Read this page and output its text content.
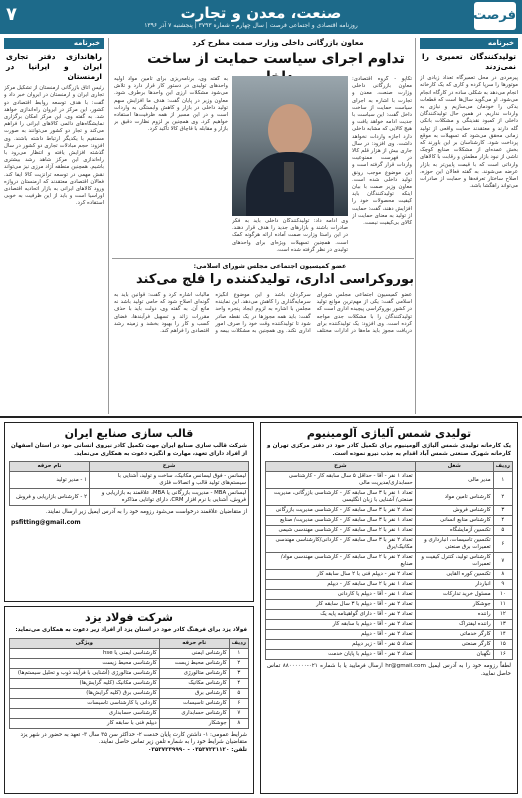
۷	صنعت، معدن و تجارت	فرصت
روزنامه اقتصادی و اجتماعی فرصت | سال چهارم - شماره ۳۷۹۳ | پنجشنبه ۷ آذر ۱۳۹۶
خبرنامه
تولیدکنندگان تعمیری را نمی‌زدند

پیرمردی در محل تعمیرگاه تعداد زیادی از موتورها را سرپا کرده و کاری که یک کارخانه انجام می‌دهد به شکلی ساده در کارگاه انجام می‌شود. او می‌گوید سال‌ها است که قطعات یدکی را خودمان می‌سازیم و نیازی به واردات نداریم. در همین حال تولیدکنندگان داخلی از کمبود نقدینگی و مشکلات بانکی گله دارند و معتقدند حمایت واقعی از تولید زمانی محقق می‌شود که تسهیلات به موقع پرداخت شود. کارشناسان بر این باورند که بخش عمده‌ای از مشکلات صنایع کوچک ناشی از نبود بازار مطمئن و رقابت با کالاهای وارداتی است که با قیمت پایین‌تر به بازار عرضه می‌شوند. به گفته فعالان این حوزه، اصلاح ساختار تعرفه‌ها و حمایت از صادرات می‌تواند راهگشا باشد.

خبرنامه
راهاندازی دفتر تجاری ایران و ایرانیا در ارمنستان

رئیس اتاق بازرگانی ارمنستان از تشکیل مرکز تجاری ایران و ارمنستان در ایروان خبر داد و گفت: با هدف توسعه روابط اقتصادی دو کشور، این مرکز در ایروان راه‌اندازی خواهد شد. به گفته وی، این مرکز امکان برگزاری نمایشگاه‌های دائمی کالاهای ایرانی را فراهم می‌کند و تجار دو کشور می‌توانند به صورت مستقیم با یکدیگر ارتباط داشته باشند. وی افزود: حجم مبادلات تجاری دو کشور در سال گذشته افزایش یافته و انتظار می‌رود با راه‌اندازی این مرکز شاهد رشد بیشتری باشیم. همچنین منطقه آزاد مرزی نیز می‌تواند نقش مهمی در توسعه ترانزیت کالا ایفا کند. فعالان اقتصادی معتقدند که ارمنستان دروازه ورود کالاهای ایرانی به بازار اتحادیه اقتصادی اوراسیا است و باید از این ظرفیت به خوبی استفاده کرد.

معاون بازرگانی داخلی وزارت صمت مطرح کرد
تداوم اجرای سیاست حمایت از ساخت

تکاپو - گروه اقتصادی: معاون بازرگانی داخلی وزارت صنعت، معدن و تجارت با اشاره به اجرای سیاست حمایت از ساخت داخل گفت: این سیاست با جدیت ادامه خواهد یافت و هیچ کالایی که مشابه داخلی دارد اجازه واردات نخواهد داشت. وی افزود: در سال جاری بیش از هزار قلم کالا در فهرست ممنوعیت واردات قرار گرفته است و این موضوع موجب رونق تولید داخلی شده است. معاون وزیر صمت با بیان اینکه تولیدکنندگان باید کیفیت محصولات خود را افزایش دهند، گفت: حمایت از تولید به معنای حمایت از کالای بی‌کیفیت نیست.

وی ادامه داد: تولیدکنندگان داخلی باید به فکر صادرات باشند و بازارهای جدید را هدف قرار دهند. در این راستا وزارت صمت آماده ارائه هرگونه کمک است. همچنین تسهیلات ویژه‌ای برای واحدهای تولیدی در نظر گرفته شده است.

به گفته وی، برنامه‌ریزی برای تأمین مواد اولیه واحدهای تولیدی در دستور کار قرار دارد و تلاش می‌شود مشکلات ارزی این واحدها برطرف شود. معاون وزیر در پایان گفت: هدف ما افزایش سهم تولید داخلی در بازار و کاهش وابستگی به واردات است و در این مسیر از همه ظرفیت‌ها استفاده خواهیم کرد. وی همچنین بر لزوم نظارت دقیق بر بازار و مقابله با قاچاق کالا تأکید کرد.

عضو کمیسیون اجتماعی مجلس شورای اسلامی:
بوروکراسی اداری، تولیدکننده را فلج می‌کند

عضو کمیسیون اجتماعی مجلس شورای اسلامی گفت: یکی از مهم‌ترین موانع تولید در کشور بوروکراسی پیچیده اداری است که تولیدکنندگان را با مشکلات جدی مواجه کرده است. وی افزود: یک تولیدکننده برای دریافت مجوز باید ماه‌ها در ادارات مختلف سرگردان باشد و این موضوع انگیزه سرمایه‌گذاری را کاهش می‌دهد. این نماینده مجلس با اشاره به لزوم ایجاد پنجره واحد گفت: باید همه مجوزها در یک نقطه صادر شود تا تولیدکننده وقت خود را صرف امور اداری نکند. وی همچنین به مشکلات بیمه و مالیات اشاره کرد و گفت: قوانین باید به گونه‌ای اصلاح شود که حامی تولید باشد نه مانع آن. به گفته وی، دولت باید با حذف مقررات زائد و تسهیل فرآیندها، فضای کسب و کار را بهبود بخشد و زمینه رشد اقتصادی را فراهم کند.

تولیدی شمس آلیاژی آلومینیوم
یک کارخانه تولیدی شمس آلیاژی آلومینیوم برای تکمیل کادر خود در دفتر مرکزی تهران و کارخانه شهرک صنعتی شمس آباد اقدام به جذب نیرو نموده است.
ردیف	شغل	شرح
۱	مدیر مالی	تعداد ۱ نفر - آقا - حداقل ۵ سال سابقه کار - کارشناسی حسابداری/مدیریت مالی
۲	کارشناس تامین مواد	تعداد ۱ نفر با ۳ سال سابقه کار - کارشناسی بازرگانی، مدیریت صنعتی/ آشنایی با زبان انگلیسی
۳	کارشناس فروش	تعداد ۲ نفر با ۳ سال سابقه کار - کارشناسی مدیریت بازرگانی
۴	کارشناس منابع انسانی	تعداد ۱ نفر با ۳ سال سابقه کار - کارشناسی مدیریت/ صنایع
۵	تکنسین آزمایشگاه	تعداد ۱ نفر با ۲ سال سابقه کار - کارشناسی مهندسی شیمی
۶	تکنسین تاسیسات، انبارداری و تعمیرات برق صنعتی	تعداد ۲ نفر با ۳ سال سابقه کار - کاردانی/کارشناسی مهندسی مکانیک/برق
۷	کارشناس تولید، کنترل کیفیت و تعمیرات	تعداد ۲ نفر با ۲ سال سابقه کار - کارشناسی مهندسی مواد/ صنایع
۸	تکنسین کوره القایی	تعداد ۲ نفر - دیپلم فنی با ۲ سال سابقه کار
۹	انباردار	تعداد ۱ نفر با ۲ سال سابقه کار - دیپلم
۱۰	مسئول خرید تدارکات	تعداد ۱ نفر - آقا - دیپلم یا کاردانی
۱۱	جوشکار	تعداد ۲ نفر - آقا - دیپلم با ۳ سال سابقه کار
۱۲	راننده	تعداد ۲ نفر - آقا - دارای گواهینامه پایه یک
۱۳	راننده لیفتراک	تعداد ۲ نفر - آقا - دیپلم با سابقه کار
۱۴	کارگر خدماتی	تعداد ۲ نفر - آقا - دیپلم
۱۵	کارگر صنعتی	تعداد ۵ نفر - آقا - زیر دیپلم
۱۶	نگهبان	تعداد ۲ نفر - آقا - دیپلم با پایان خدمت
لطفاً رزومه خود را به آدرس ایمیل hr@gmail.com ارسال فرمایید یا با شماره ۰۲۱-۸۸۰۰۰۰۰۰ تماس حاصل نمایید.
قالب سازی صنایع ایران
شرکت قالب سازی صنایع ایران جهت تکمیل کادر نیروی انسانی خود در استان اصفهان از افراد دارای تعهد، مهارت و انگیزه دعوت به همکاری می‌نماید.
شرح	نام حرفه
لیسانس - فوق لیسانس مکانیک، ساخت و تولید، آشنایی با سیستم‌های تولید قالب و اتصالات فلزی	۱ - مدیر تولید
لیسانس MBA - مدیریت بازرگانی یا MBA، علاقمند به بازاریابی و فروش، آشنایی با نرم افزار CRM، دارای توانایی مذاکره	۲ - کارشناس بازاریابی و فروش
از متقاضیان علاقمند درخواست می‌شود رزومه خود را به آدرس ایمیل زیر ارسال نمایند.
psfitting@gmail.com
شرکت فولاد یزد
فولاد یزد برای فرهنگ کادر خود در استان یزد از افراد زیر دعوت به همکاری می‌نماید:
ردیف	نام حرفه	ویژگی
۱	کارشناس ایمنی	کارشناسی ایمنی یا hse
۲	کارشناس محیط زیست	کارشناسی محیط زیست
۳	کارشناس متالورژی	کارشناسی متالورژی (آشنایی با فرآیند ذوب و تحلیل سیستم‌ها)
۴	کارشناس مکانیک	کارشناسی مکانیک (کلیه گرایش‌ها)
۵	کارشناس برق	کارشناسی برق (کلیه گرایش‌ها)
۶	کارشناس تاسیسات	کاردانی یا کارشناسی تاسیسات
۷	کارشناس حسابداری	کارشناسی حسابداری
۸	جوشکار	دیپلم فنی با سابقه کار
شرایط عمومی: ۱- داشتن کارت پایان خدمت ۲- حداکثر سن ۳۵ سال ۳- تعهد به حضور در شهر یزد
متقاضیان شرایط خود را به شماره تلفن زیر تماس حاصل نمایند.
تلفن: ۰۳۵۳۷۲۳۱۱۲۰ - ۰۳۵۳۷۲۳۹۹۹۰
